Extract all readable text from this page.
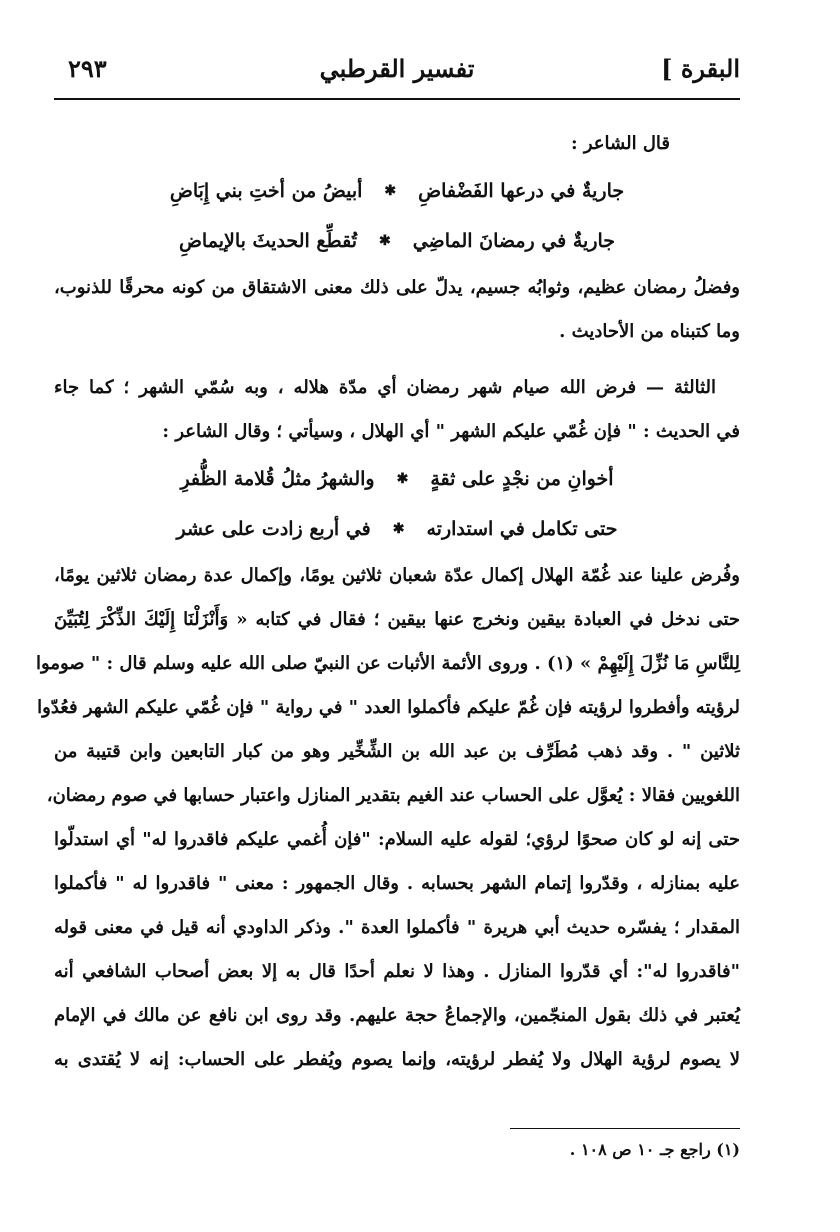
٢٩٣	تفسير القرطبي	البقرة ]
قال الشاعر :
جاريةٌ في درعها الفَضْفاضِ
✱
أبيضُ من أختِ بني إِبَاضِ
جاريةٌ في رمضانَ الماضِي
✱
تُقطِّع الحديثَ بالإيماضِ
وفضلُ رمضان عظيم، وثوابُه جسيم، يدلّ على ذلك معنى الاشتقاق من كونه محرقًا للذنوب،
وما كتبناه من الأحاديث .
الثالثة — فرض الله صيام شهر رمضان أي مدّة هلاله ، وبه سُمّي الشهر ؛ كما جاء
في الحديث : " فإن غُمّي عليكم الشهر " أي الهلال ، وسيأتي ؛ وقال الشاعر :
أخوانِ من نجْدٍ على ثقةٍ
✱
والشهرُ مثلُ قُلامة الظُّفرِ
حتى تكامل في استدارته
✱
في أربع زادت على عشر
وفُرض علينا عند غُمّة الهلال إكمال عدّة شعبان ثلاثين يومًا، وإكمال عدة رمضان ثلاثين يومًا،
حتى ندخل في العبادة بيقين ونخرج عنها بيقين ؛ فقال في كتابه « وَأَنْزَلْنَا إِلَيْكَ الذِّكْرَ لِتُبَيِّنَ
لِلنَّاسِ مَا نُزِّلَ إِلَيْهِمْ » (١) . وروى الأئمة الأثبات عن النبيّ صلى الله عليه وسلم قال : " صوموا
لرؤيته وأفطروا لرؤيته فإن غُمّ عليكم فأكملوا العدد " في رواية " فإن غُمّي عليكم الشهر فعُدّوا
ثلاثين " . وقد ذهب مُطَرِّف بن عبد الله بن الشِّخِّير وهو من كبار التابعين وابن قتيبة من
اللغويين فقالا : يُعوَّل على الحساب عند الغيم بتقدير المنازل واعتبار حسابها في صوم رمضان،
حتى إنه لو كان صحوًا لرؤي؛ لقوله عليه السلام: "فإن أُغمي عليكم فاقدروا له" أي استدلّوا
عليه بمنازله ، وقدّروا إتمام الشهر بحسابه . وقال الجمهور : معنى " فاقدروا له " فأكملوا
المقدار ؛ يفسّره حديث أبي هريرة " فأكملوا العدة ". وذكر الداودي أنه قيل في معنى قوله
"فاقدروا له": أي قدّروا المنازل . وهذا لا نعلم أحدًا قال به إلا بعض أصحاب الشافعي أنه
يُعتبر في ذلك بقول المنجّمين، والإجماعُ حجة عليهم. وقد روى ابن نافع عن مالك في الإمام
لا يصوم لرؤية الهلال ولا يُفطر لرؤيته، وإنما يصوم ويُفطر على الحساب: إنه لا يُقتدى به
(١) راجع جـ ١٠ ص ١٠٨ .
